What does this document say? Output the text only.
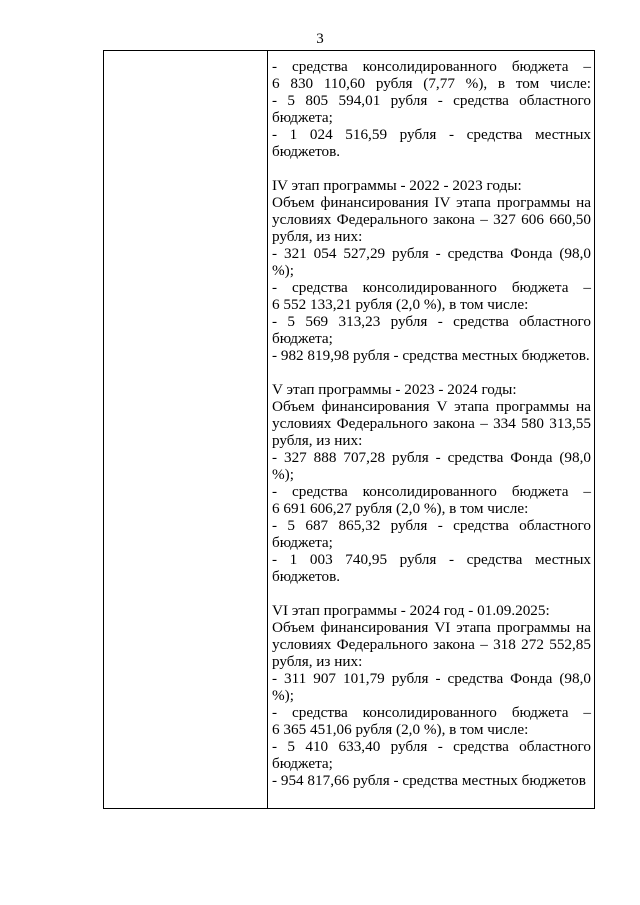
3
- средства консолидированного бюджета –
6 830 110,60 рубля (7,77 %), в том числе:
- 5 805 594,01 рубля - средства областного
бюджета;
- 1 024 516,59 рубля - средства местных
бюджетов.
IV этап программы - 2022 - 2023 годы:
Объем финансирования IV этапа программы на
условиях Федерального закона – 327 606 660,50
рубля, из них:
- 321 054 527,29 рубля - средства Фонда (98,0
%);
- средства консолидированного бюджета –
6 552 133,21 рубля (2,0 %), в том числе:
- 5 569 313,23 рубля - средства областного
бюджета;
- 982 819,98 рубля - средства местных бюджетов.
V этап программы - 2023 - 2024 годы:
Объем финансирования V этапа программы на
условиях Федерального закона – 334 580 313,55
рубля, из них:
- 327 888 707,28 рубля - средства Фонда (98,0
%);
- средства консолидированного бюджета –
6 691 606,27 рубля (2,0 %), в том числе:
- 5 687 865,32 рубля - средства областного
бюджета;
- 1 003 740,95 рубля - средства местных
бюджетов.
VI этап программы - 2024 год - 01.09.2025:
Объем финансирования VI этапа программы на
условиях Федерального закона – 318 272 552,85
рубля, из них:
- 311 907 101,79 рубля - средства Фонда (98,0
%);
- средства консолидированного бюджета –
6 365 451,06 рубля (2,0 %), в том числе:
- 5 410 633,40 рубля - средства областного
бюджета;
- 954 817,66 рубля - средства местных бюджетов
